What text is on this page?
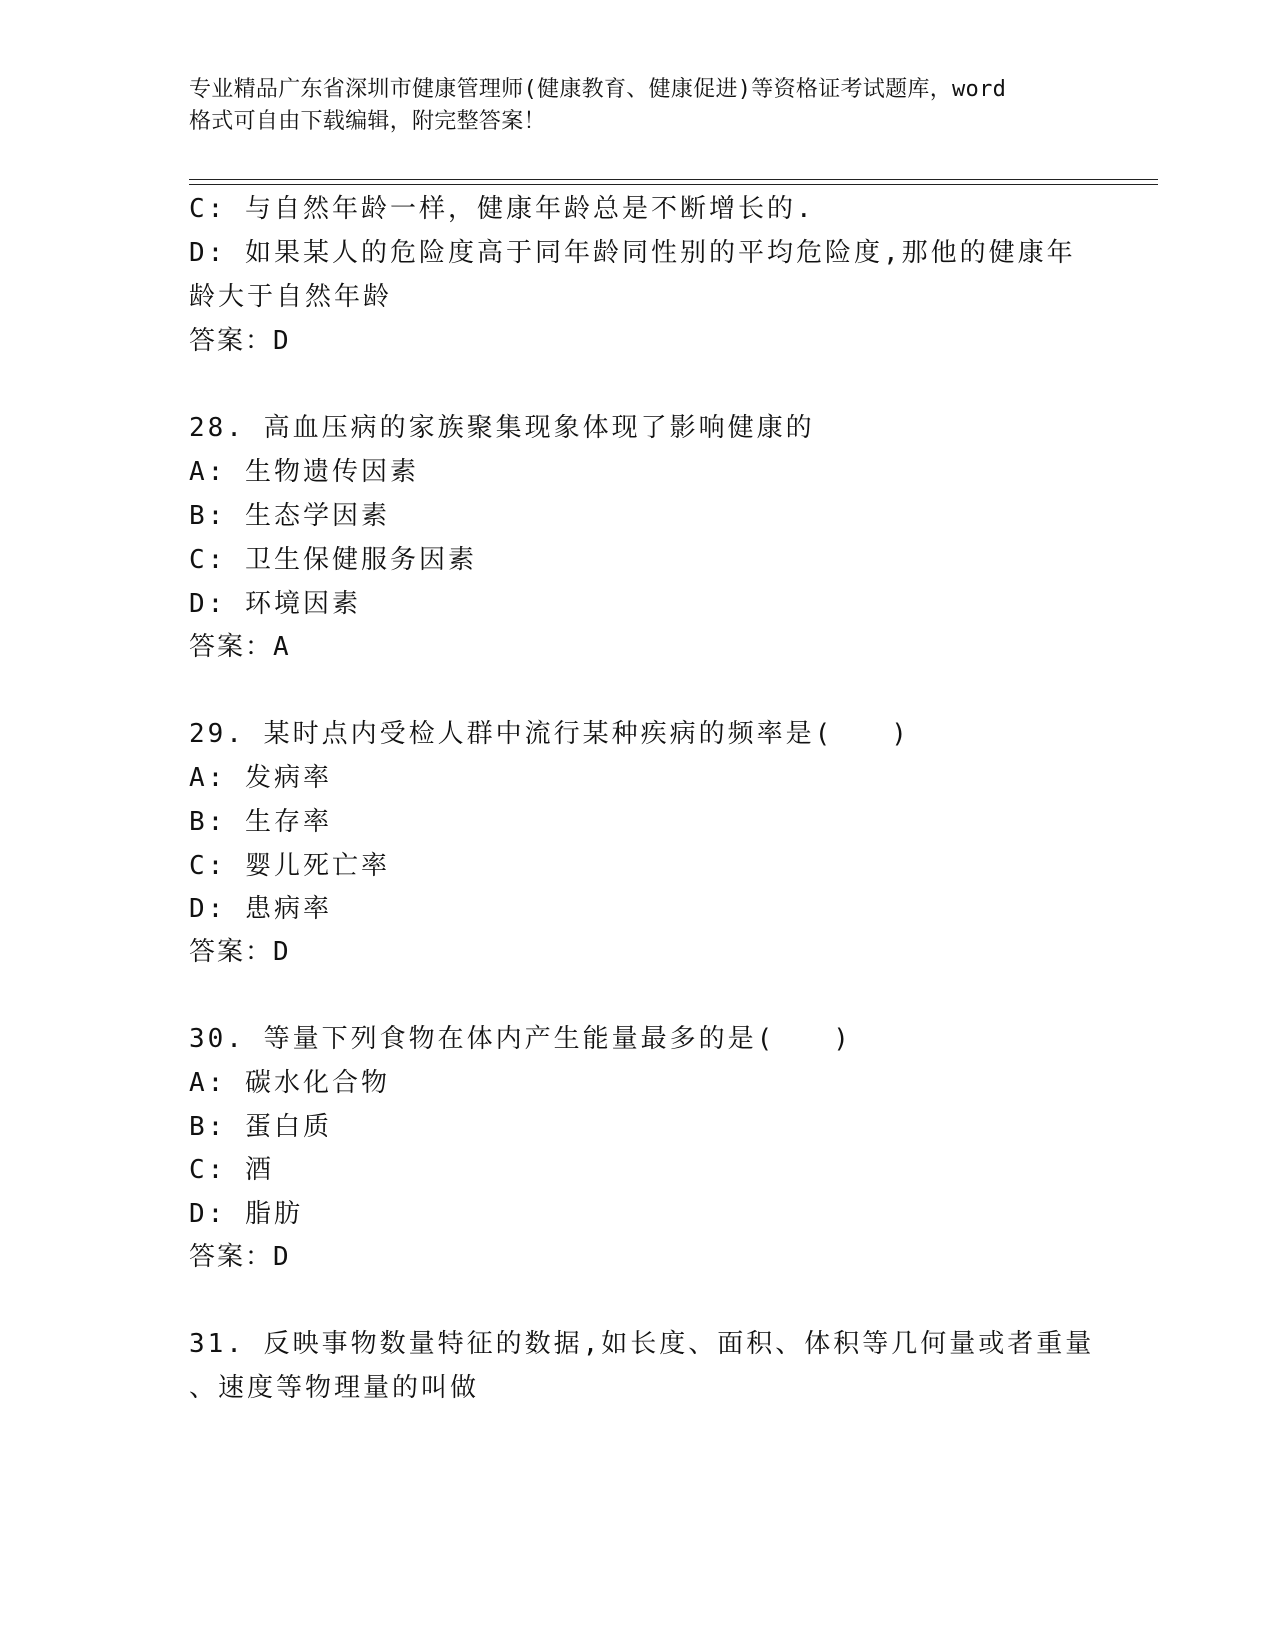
专业精品广东省深圳市健康管理师(健康教育、健康促进)等资格证考试题库，word
格式可自由下载编辑，附完整答案！
C: 与自然年龄一样，健康年龄总是不断增长的.
D: 如果某人的危险度高于同年龄同性别的平均危险度,那他的健康年
龄大于自然年龄
答案：D
28. 高血压病的家族聚集现象体现了影响健康的
A: 生物遗传因素
B: 生态学因素
C: 卫生保健服务因素
D: 环境因素
答案：A
29. 某时点内受检人群中流行某种疾病的频率是(　　)
A: 发病率
B: 生存率
C: 婴儿死亡率
D: 患病率
答案：D
30. 等量下列食物在体内产生能量最多的是(　　)
A: 碳水化合物
B: 蛋白质
C: 酒
D: 脂肪
答案：D
31. 反映事物数量特征的数据,如长度、面积、体积等几何量或者重量
、速度等物理量的叫做
